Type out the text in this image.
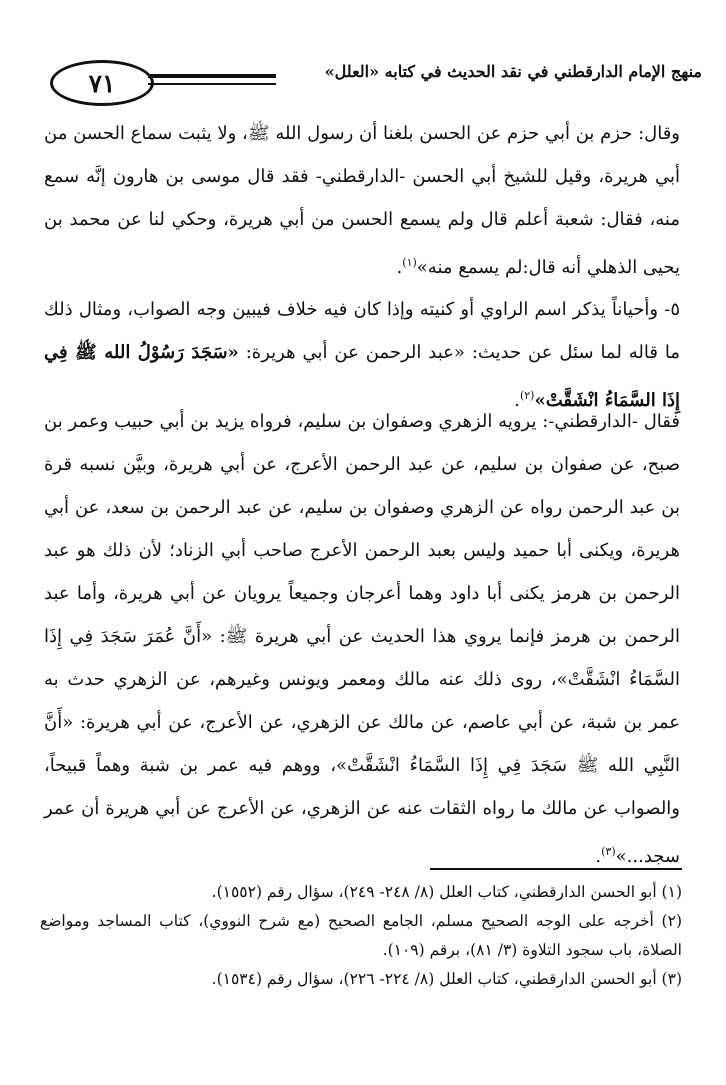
٧١	منهج الإمام الدارقطني في نقد الحديث في كتابه «العلل»

وقال: حزم بن أبي حزم عن الحسن بلغنا أن رسول الله ﷺ، ولا يثبت سماع الحسن من أبي هريرة، وقيل للشيخ أبي الحسن -الدارقطني- فقد قال موسى بن هارون إنَّه سمع منه، فقال: شعبة أعلم قال ولم يسمع الحسن من أبي هريرة، وحكي لنا عن محمد بن يحيى الذهلي أنه قال:لم يسمع منه»$^{(١)}$.

٥- وأحياناً يذكر اسم الراوي أو كنيته وإذا كان فيه خلاف فيبين وجه الصواب، ومثال ذلك ما قاله لما سئل عن حديث: «عبد الرحمن عن أبي هريرة: «سَجَدَ رَسُوْلُ الله ﷺ فِي إِذَا السَّمَاءُ انْشَقَّتْ»$^{(٢)}$.

فقال -الدارقطني-: يرويه الزهري وصفوان بن سليم، فرواه يزيد بن أبي حبيب وعمر بن صبح، عن صفوان بن سليم، عن عبد الرحمن الأعرج، عن أبي هريرة، وبيَّن نسبه قرة بن عبد الرحمن رواه عن الزهري وصفوان بن سليم، عن عبد الرحمن بن سعد، عن أبي هريرة، ويكنى أبا حميد وليس بعبد الرحمن الأعرج صاحب أبي الزناد؛ لأن ذلك هو عبد الرحمن بن هرمز يكنى أبا داود وهما أعرجان وجميعاً يرويان عن أبي هريرة، وأما عبد الرحمن بن هرمز فإنما يروي هذا الحديث عن أبي هريرة ﷺ: «أَنَّ عُمَرَ سَجَدَ فِي إِذَا السَّمَاءُ انْشَقَّتْ»، روى ذلك عنه مالك ومعمر ويونس وغيرهم، عن الزهري حدث به عمر بن شبة، عن أبي عاصم، عن مالك عن الزهري، عن الأعرج، عن أبي هريرة: «أَنَّ النَّبِي الله ﷺ سَجَدَ فِي إِذَا السَّمَاءُ انْشَقَّتْ»، ووهم فيه عمر بن شبة وهماً قبيحاً، والصواب عن مالك ما رواه الثقات عنه عن الزهري، عن الأعرج عن أبي هريرة أن عمر سجد...»$^{(٣)}$.

(١) أبو الحسن الدارقطني، كتاب العلل (٨/ ٢٤٨- ٢٤٩)، سؤال رقم (١٥٥٢).

(٢) أخرجه على الوجه الصحيح مسلم، الجامع الصحيح (مع شرح النووي)، كتاب المساجد ومواضع الصلاة، باب سجود التلاوة (٣/ ٨١)، برقم (١٠٩).

(٣) أبو الحسن الدارقطني، كتاب العلل (٨/ ٢٢٤- ٢٢٦)، سؤال رقم (١٥٣٤).
